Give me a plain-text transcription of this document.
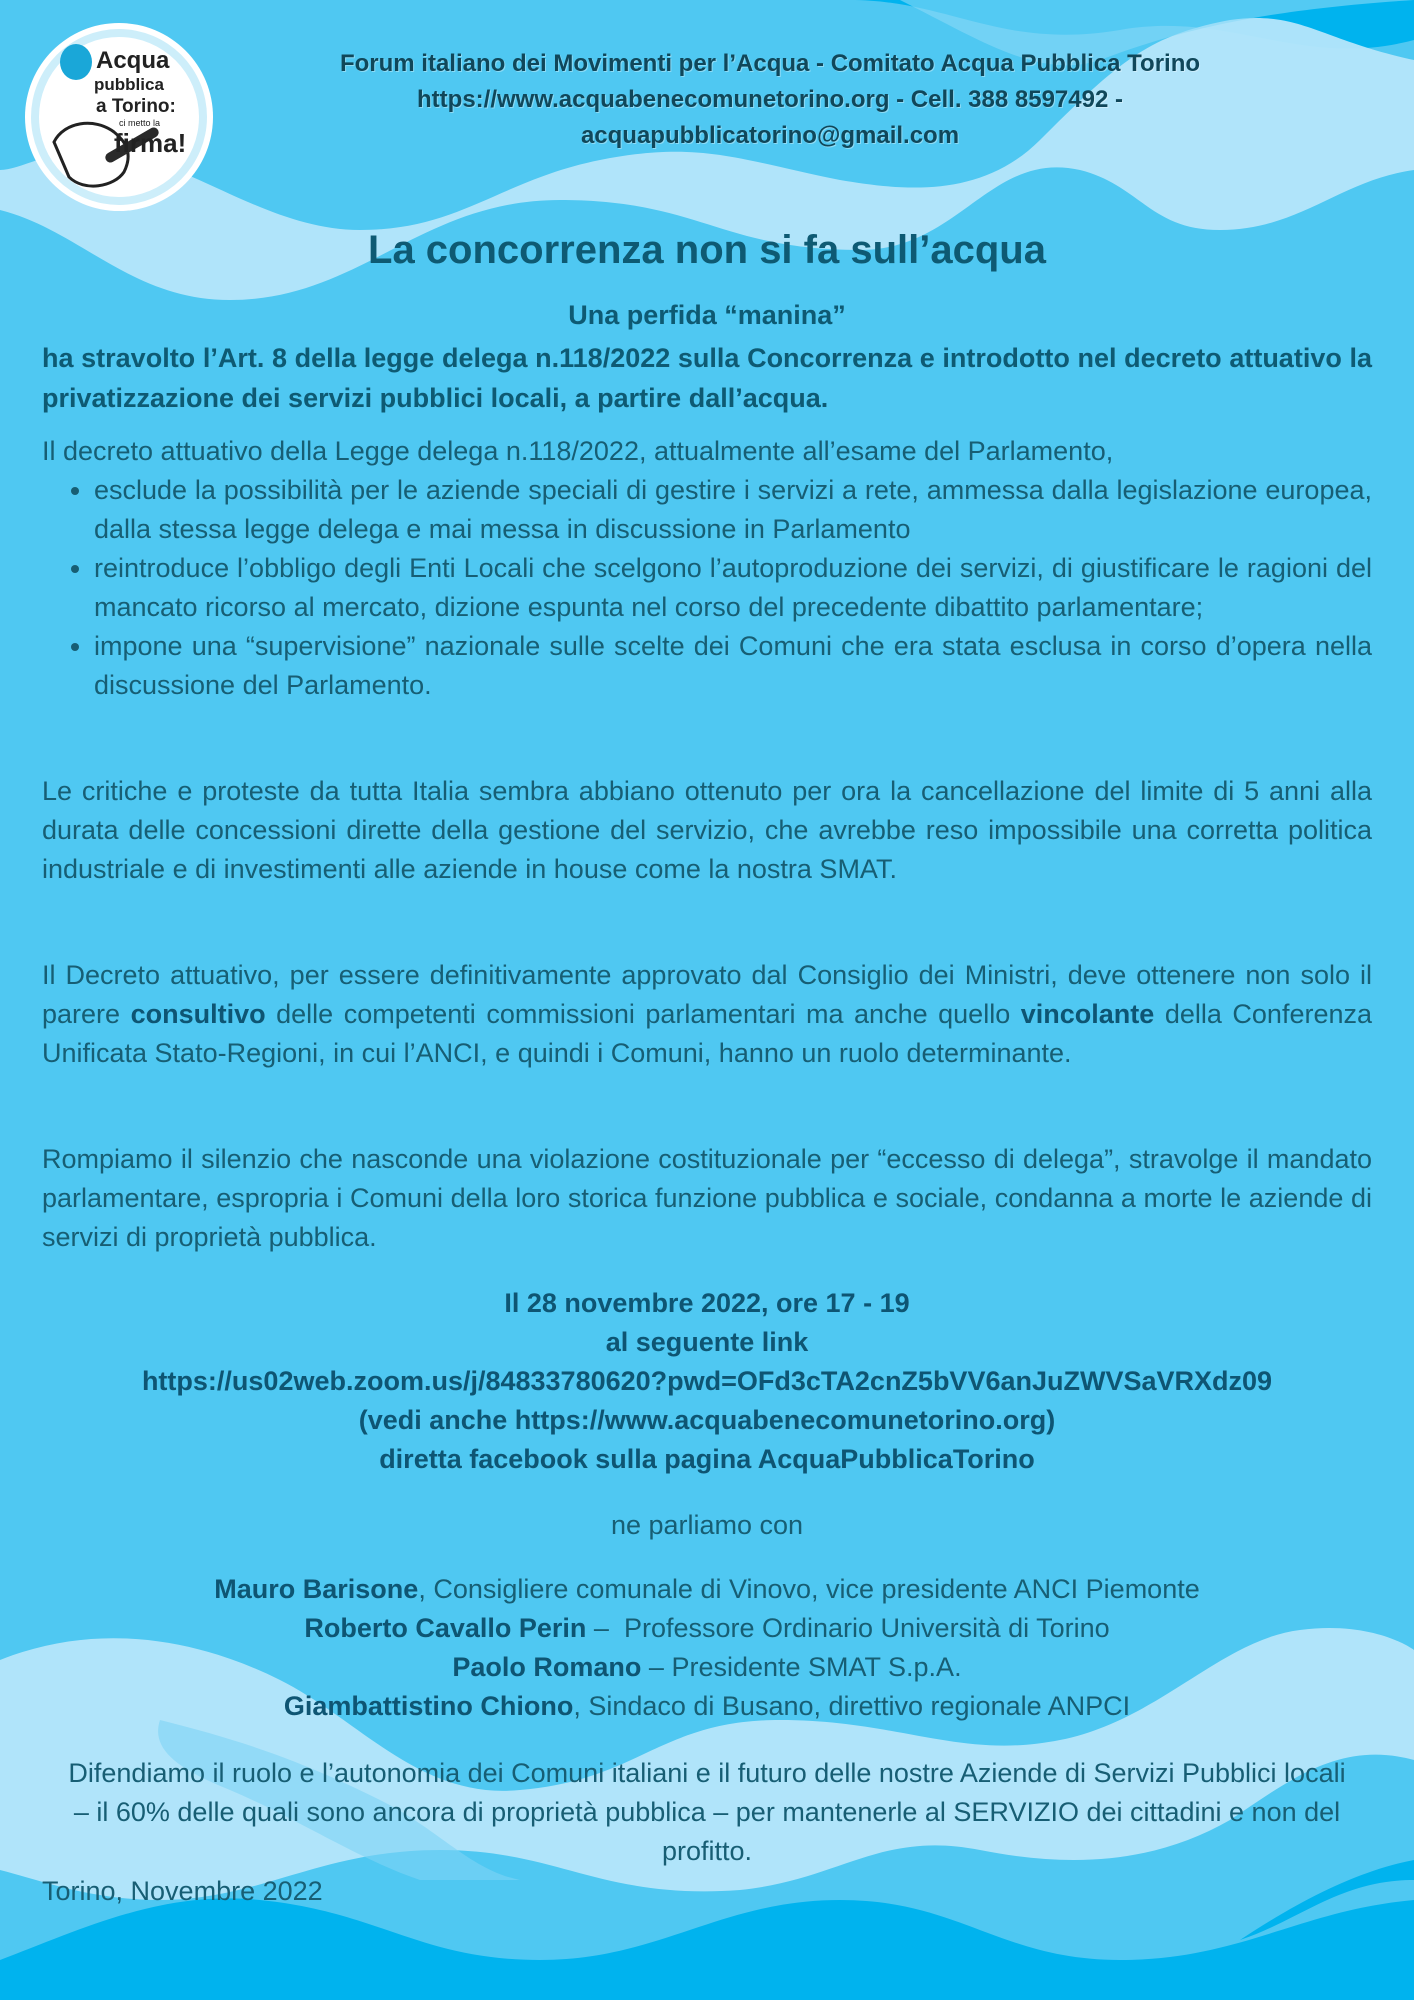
Acqua
pubblica
a Torino:
ci metto la
firma!
Forum italiano dei Movimenti per l’Acqua - Comitato Acqua Pubblica Torino
https://www.acquabenecomunetorino.org - Cell. 388 8597492 -
acquapubblicatorino@gmail.com
La concorrenza non si fa sull’acqua
Una perfida “manina”
ha stravolto l’Art. 8 della legge delega n.118/2022 sulla Concorrenza e introdotto nel decreto attuativo la privatizzazione dei servizi pubblici locali, a partire dall’acqua.

Il decreto attuativo della Legge delega n.118/2022, attualmente all’esame del Parlamento,

• esclude la possibilità per le aziende speciali di gestire i servizi a rete, ammessa dalla legislazione europea, dalla stessa legge delega e mai messa in discussione in Parlamento
• reintroduce l’obbligo degli Enti Locali che scelgono l’autoproduzione dei servizi, di giustificare le ragioni del mancato ricorso al mercato, dizione espunta nel corso del precedente dibattito parlamentare;
• impone una “supervisione” nazionale sulle scelte dei Comuni che era stata esclusa in corso d’opera nella discussione del Parlamento.

Le critiche e proteste da tutta Italia sembra abbiano ottenuto per ora la cancellazione del limite di 5 anni alla durata delle concessioni dirette della gestione del servizio, che avrebbe reso impossibile una corretta politica industriale e di investimenti alle aziende in house come la nostra SMAT.

Il Decreto attuativo, per essere definitivamente approvato dal Consiglio dei Ministri, deve ottenere non solo il parere consultivo delle competenti commissioni parlamentari ma anche quello vincolante della Conferenza Unificata Stato-Regioni, in cui l’ANCI, e quindi i Comuni, hanno un ruolo determinante.

Rompiamo il silenzio che nasconde una violazione costituzionale per “eccesso di delega”, stravolge il mandato parlamentare, espropria i Comuni della loro storica funzione pubblica e sociale, condanna a morte le aziende di servizi di proprietà pubblica.

Il 28 novembre 2022, ore 17 - 19
al seguente link
https://us02web.zoom.us/j/84833780620?pwd=OFd3cTA2cnZ5bVV6anJuZWVSaVRXdz09
(vedi anche https://www.acquabenecomunetorino.org)
diretta facebook sulla pagina AcquaPubblicaTorino
ne parliamo con
Mauro Barisone, Consigliere comunale di Vinovo, vice presidente ANCI Piemonte
Roberto Cavallo Perin –  Professore Ordinario Università di Torino
Paolo Romano – Presidente SMAT S.p.A.
Giambattistino Chiono, Sindaco di Busano, direttivo regionale ANPCI
Difendiamo il ruolo e l’autonomia dei Comuni italiani e il futuro delle nostre Aziende di Servizi Pubblici locali – il 60% delle quali sono ancora di proprietà pubblica – per mantenerle al SERVIZIO dei cittadini e non del profitto.
Torino, Novembre 2022
